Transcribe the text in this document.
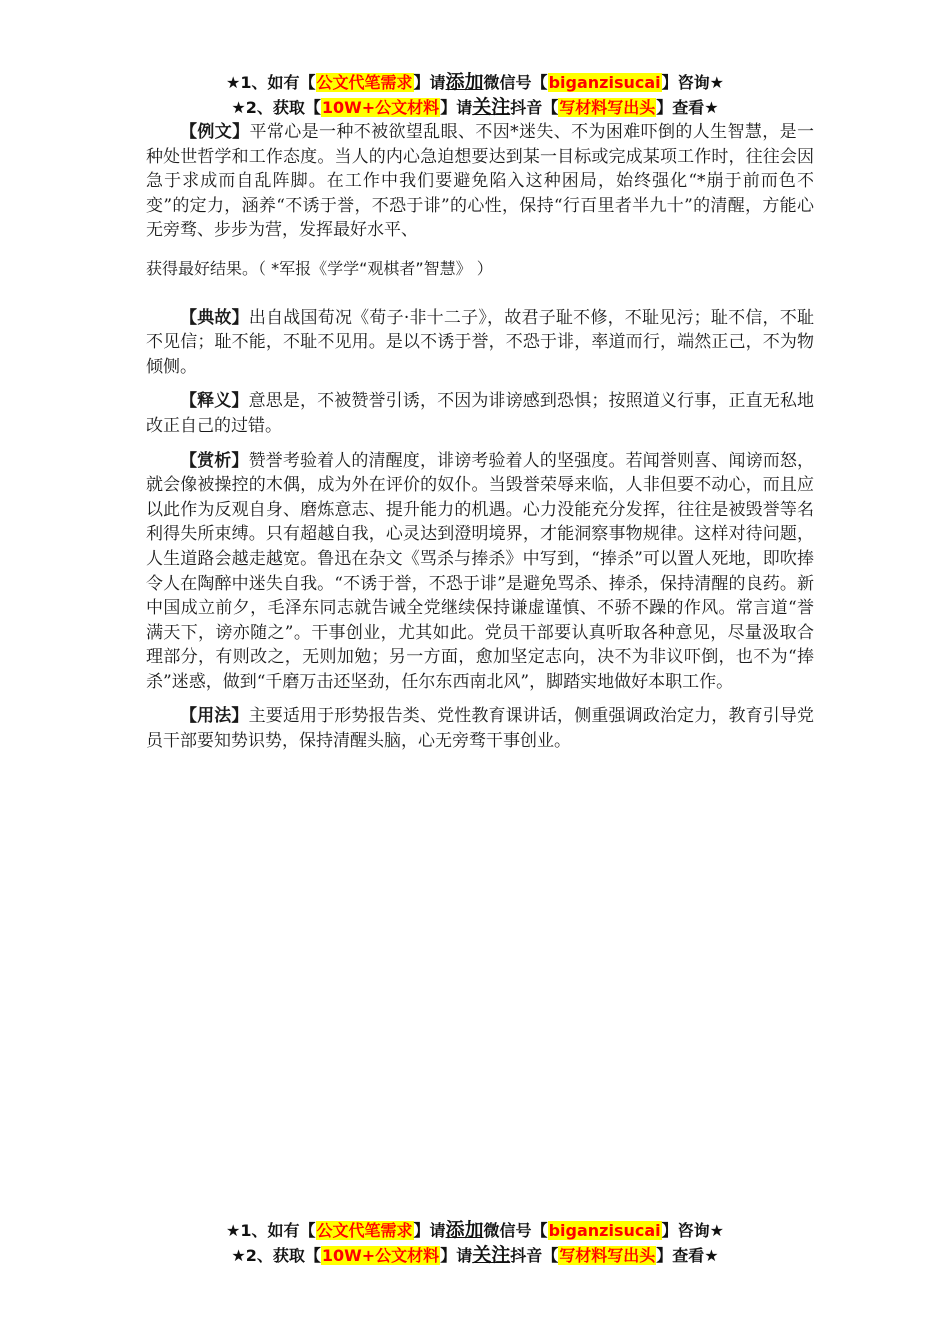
★1、如有【公文代笔需求】请添加微信号【biganzisucai】咨询★
★2、获取【10W+公文材料】请关注抖音【写材料写出头】查看★

【例文】平常心是一种不被欲望乱眼、不因*迷失、不为困难吓倒的人生智慧，是一种处世哲学和工作态度。当人的内心急迫想要达到某一目标或完成某项工作时，往往会因急于求成而自乱阵脚。在工作中我们要避免陷入这种困局，始终强化“*崩于前而色不变”的定力，涵养“不诱于誉，不恐于诽”的心性，保持“行百里者半九十”的清醒，方能心无旁骛、步步为营，发挥最好水平、
获得最好结果。（ *军报《学学“观棋者”智慧》 ）

【典故】出自战国荀况《荀子·非十二子》，故君子耻不修，不耻见污；耻不信，不耻不见信；耻不能，不耻不见用。是以不诱于誉，不恐于诽，率道而行，端然正己，不为物倾侧。

【释义】意思是，不被赞誉引诱，不因为诽谤感到恐惧；按照道义行事，正直无私地改正自己的过错。

【赏析】赞誉考验着人的清醒度，诽谤考验着人的坚强度。若闻誉则喜、闻谤而怒，就会像被操控的木偶，成为外在评价的奴仆。当毁誉荣辱来临，人非但要不动心，而且应以此作为反观自身、磨炼意志、提升能力的机遇。心力没能充分发挥，往往是被毁誉等名利得失所束缚。只有超越自我，心灵达到澄明境界，才能洞察事物规律。这样对待问题，人生道路会越走越宽。鲁迅在杂文《骂杀与捧杀》中写到，“捧杀”可以置人死地，即吹捧令人在陶醉中迷失自我。“不诱于誉，不恐于诽”是避免骂杀、捧杀，保持清醒的良药。新中国成立前夕，毛泽东同志就告诫全党继续保持谦虚谨慎、不骄不躁的作风。常言道“誉满天下，谤亦随之”。干事创业，尤其如此。党员干部要认真听取各种意见，尽量汲取合理部分，有则改之，无则加勉；另一方面，愈加坚定志向，决不为非议吓倒，也不为“捧杀”迷惑，做到“千磨万击还坚劲，任尔东西南北风”，脚踏实地做好本职工作。

【用法】主要适用于形势报告类、党性教育课讲话，侧重强调政治定力，教育引导党员干部要知势识势，保持清醒头脑，心无旁骛干事创业。

★1、如有【公文代笔需求】请添加微信号【biganzisucai】咨询★
★2、获取【10W+公文材料】请关注抖音【写材料写出头】查看★
